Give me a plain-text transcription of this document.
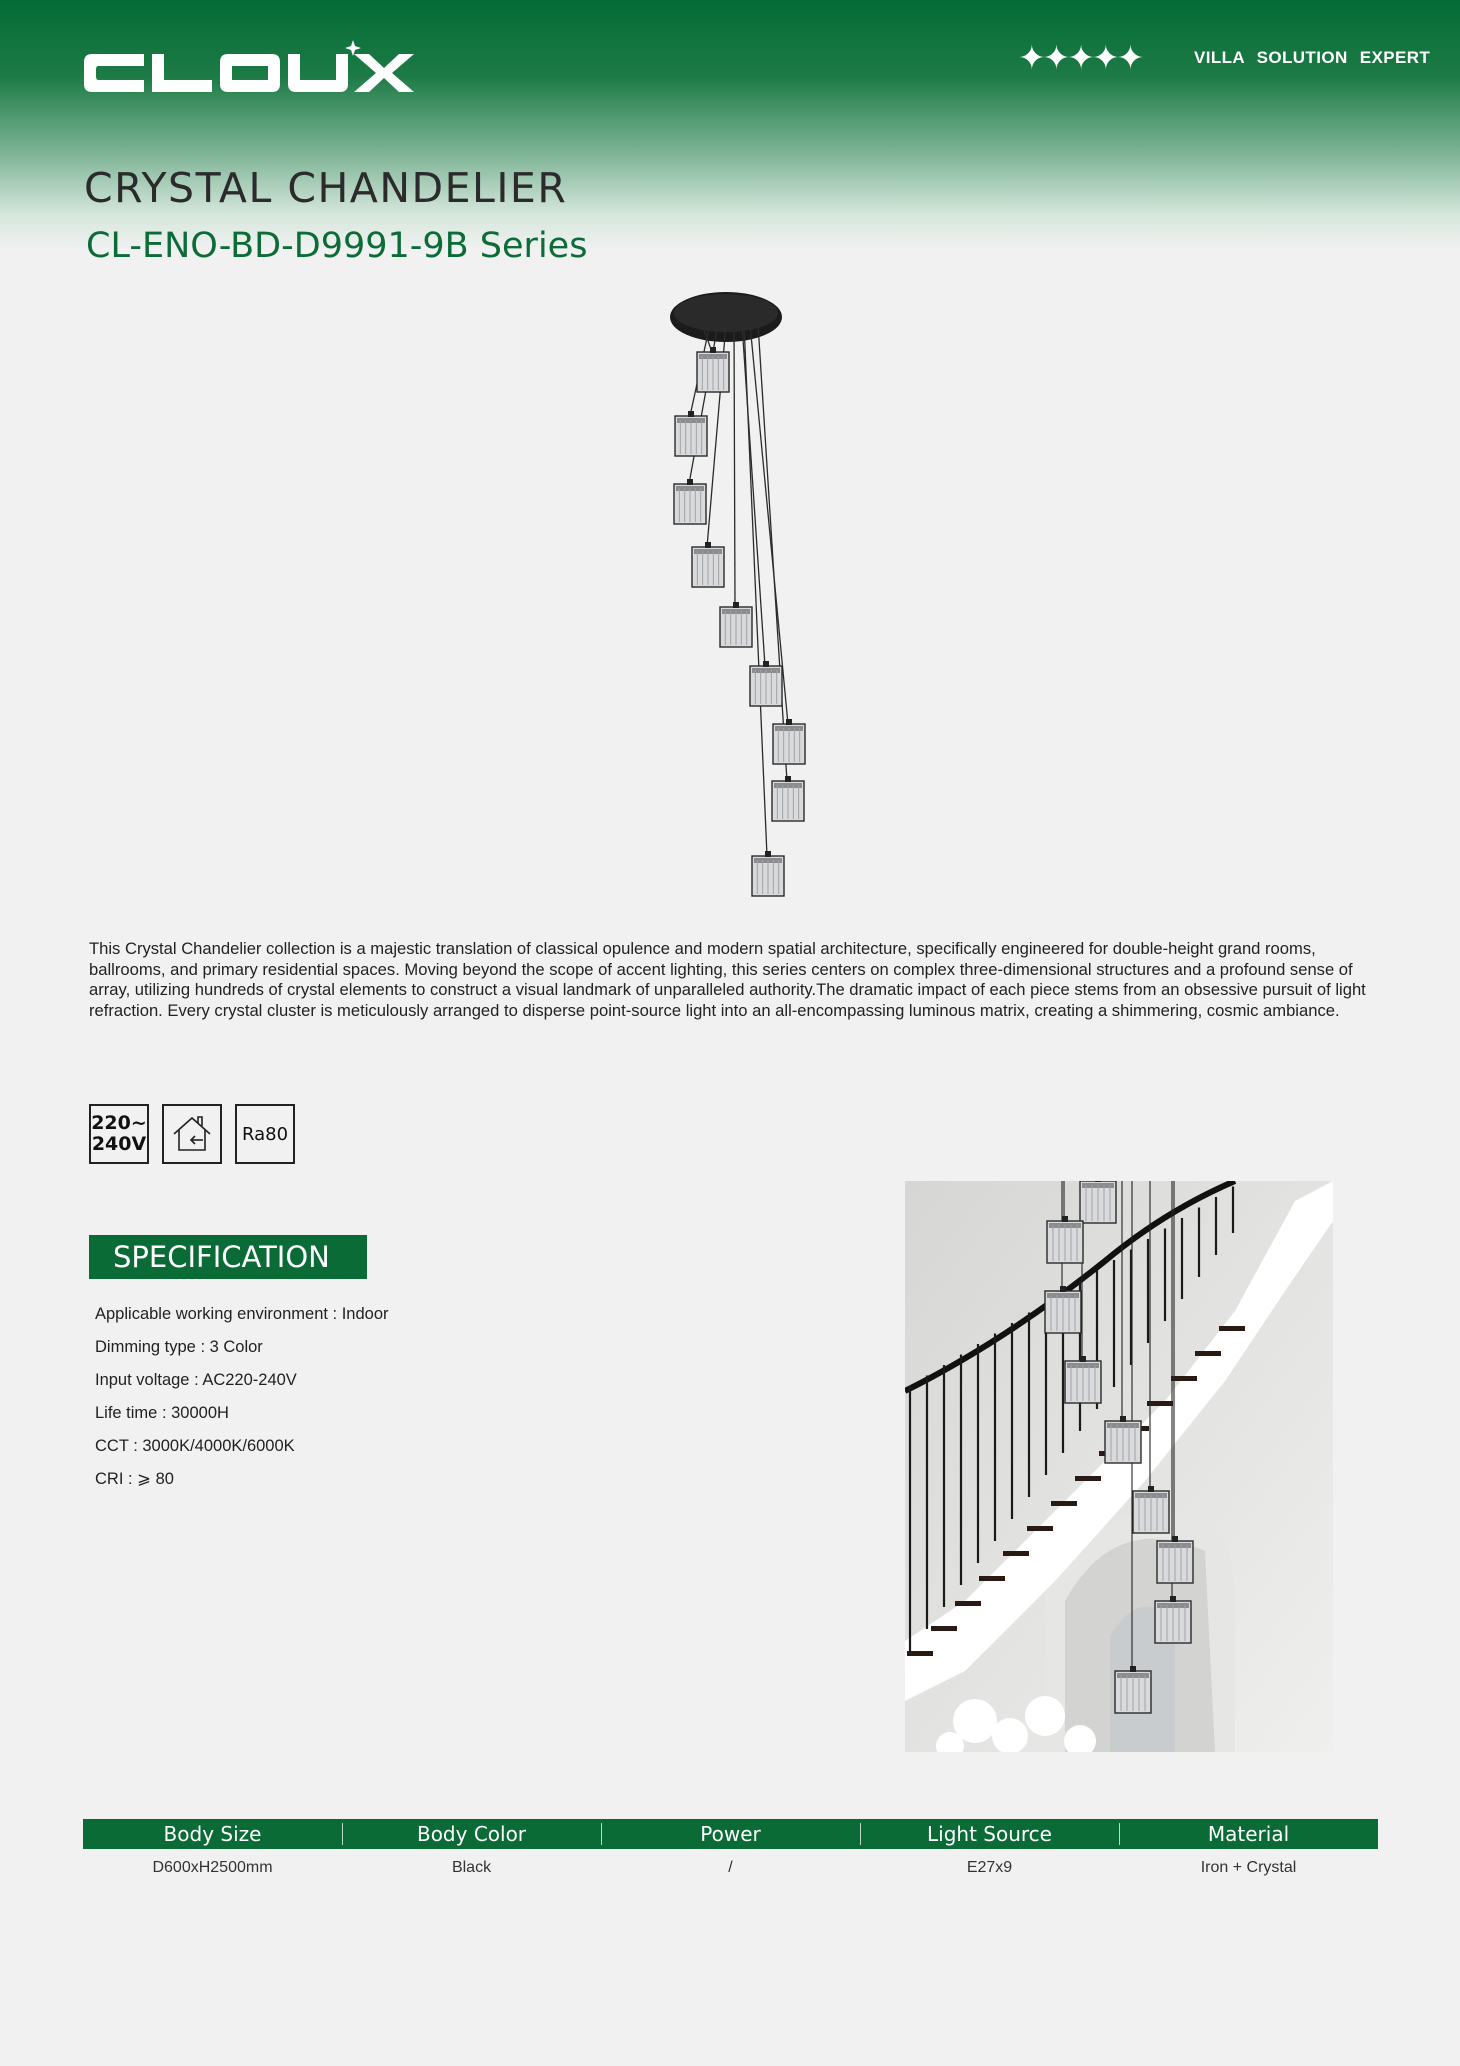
✦✦✦✦✦	VILLA SOLUTION EXPERT
CRYSTAL CHANDELIER
CL-ENO-BD-D9991-9B Series

This Crystal Chandelier collection is a majestic translation of classical opulence and modern spatial architecture, specifically engineered for double-height grand rooms, ballrooms, and primary residential spaces. Moving beyond the scope of accent lighting, this series centers on complex three-dimensional structures and a profound sense of array, utilizing hundreds of crystal elements to construct a visual landmark of unparalleled authority.The dramatic impact of each piece stems from an obsessive pursuit of light refraction. Every crystal cluster is meticulously arranged to disperse point-source light into an all-encompassing luminous matrix, creating a shimmering, cosmic ambiance.

220~
240V	Ra80
SPECIFICATION
Applicable working environment : Indoor
Dimming type : 3 Color
Input voltage : AC220-240V
Life time : 30000H
CCT : 3000K/4000K/6000K
CRI : ⩾ 80
Body Size	Body Color	Power	Light Source	Material
D600xH2500mm	Black	/	E27x9	Iron + Crystal
